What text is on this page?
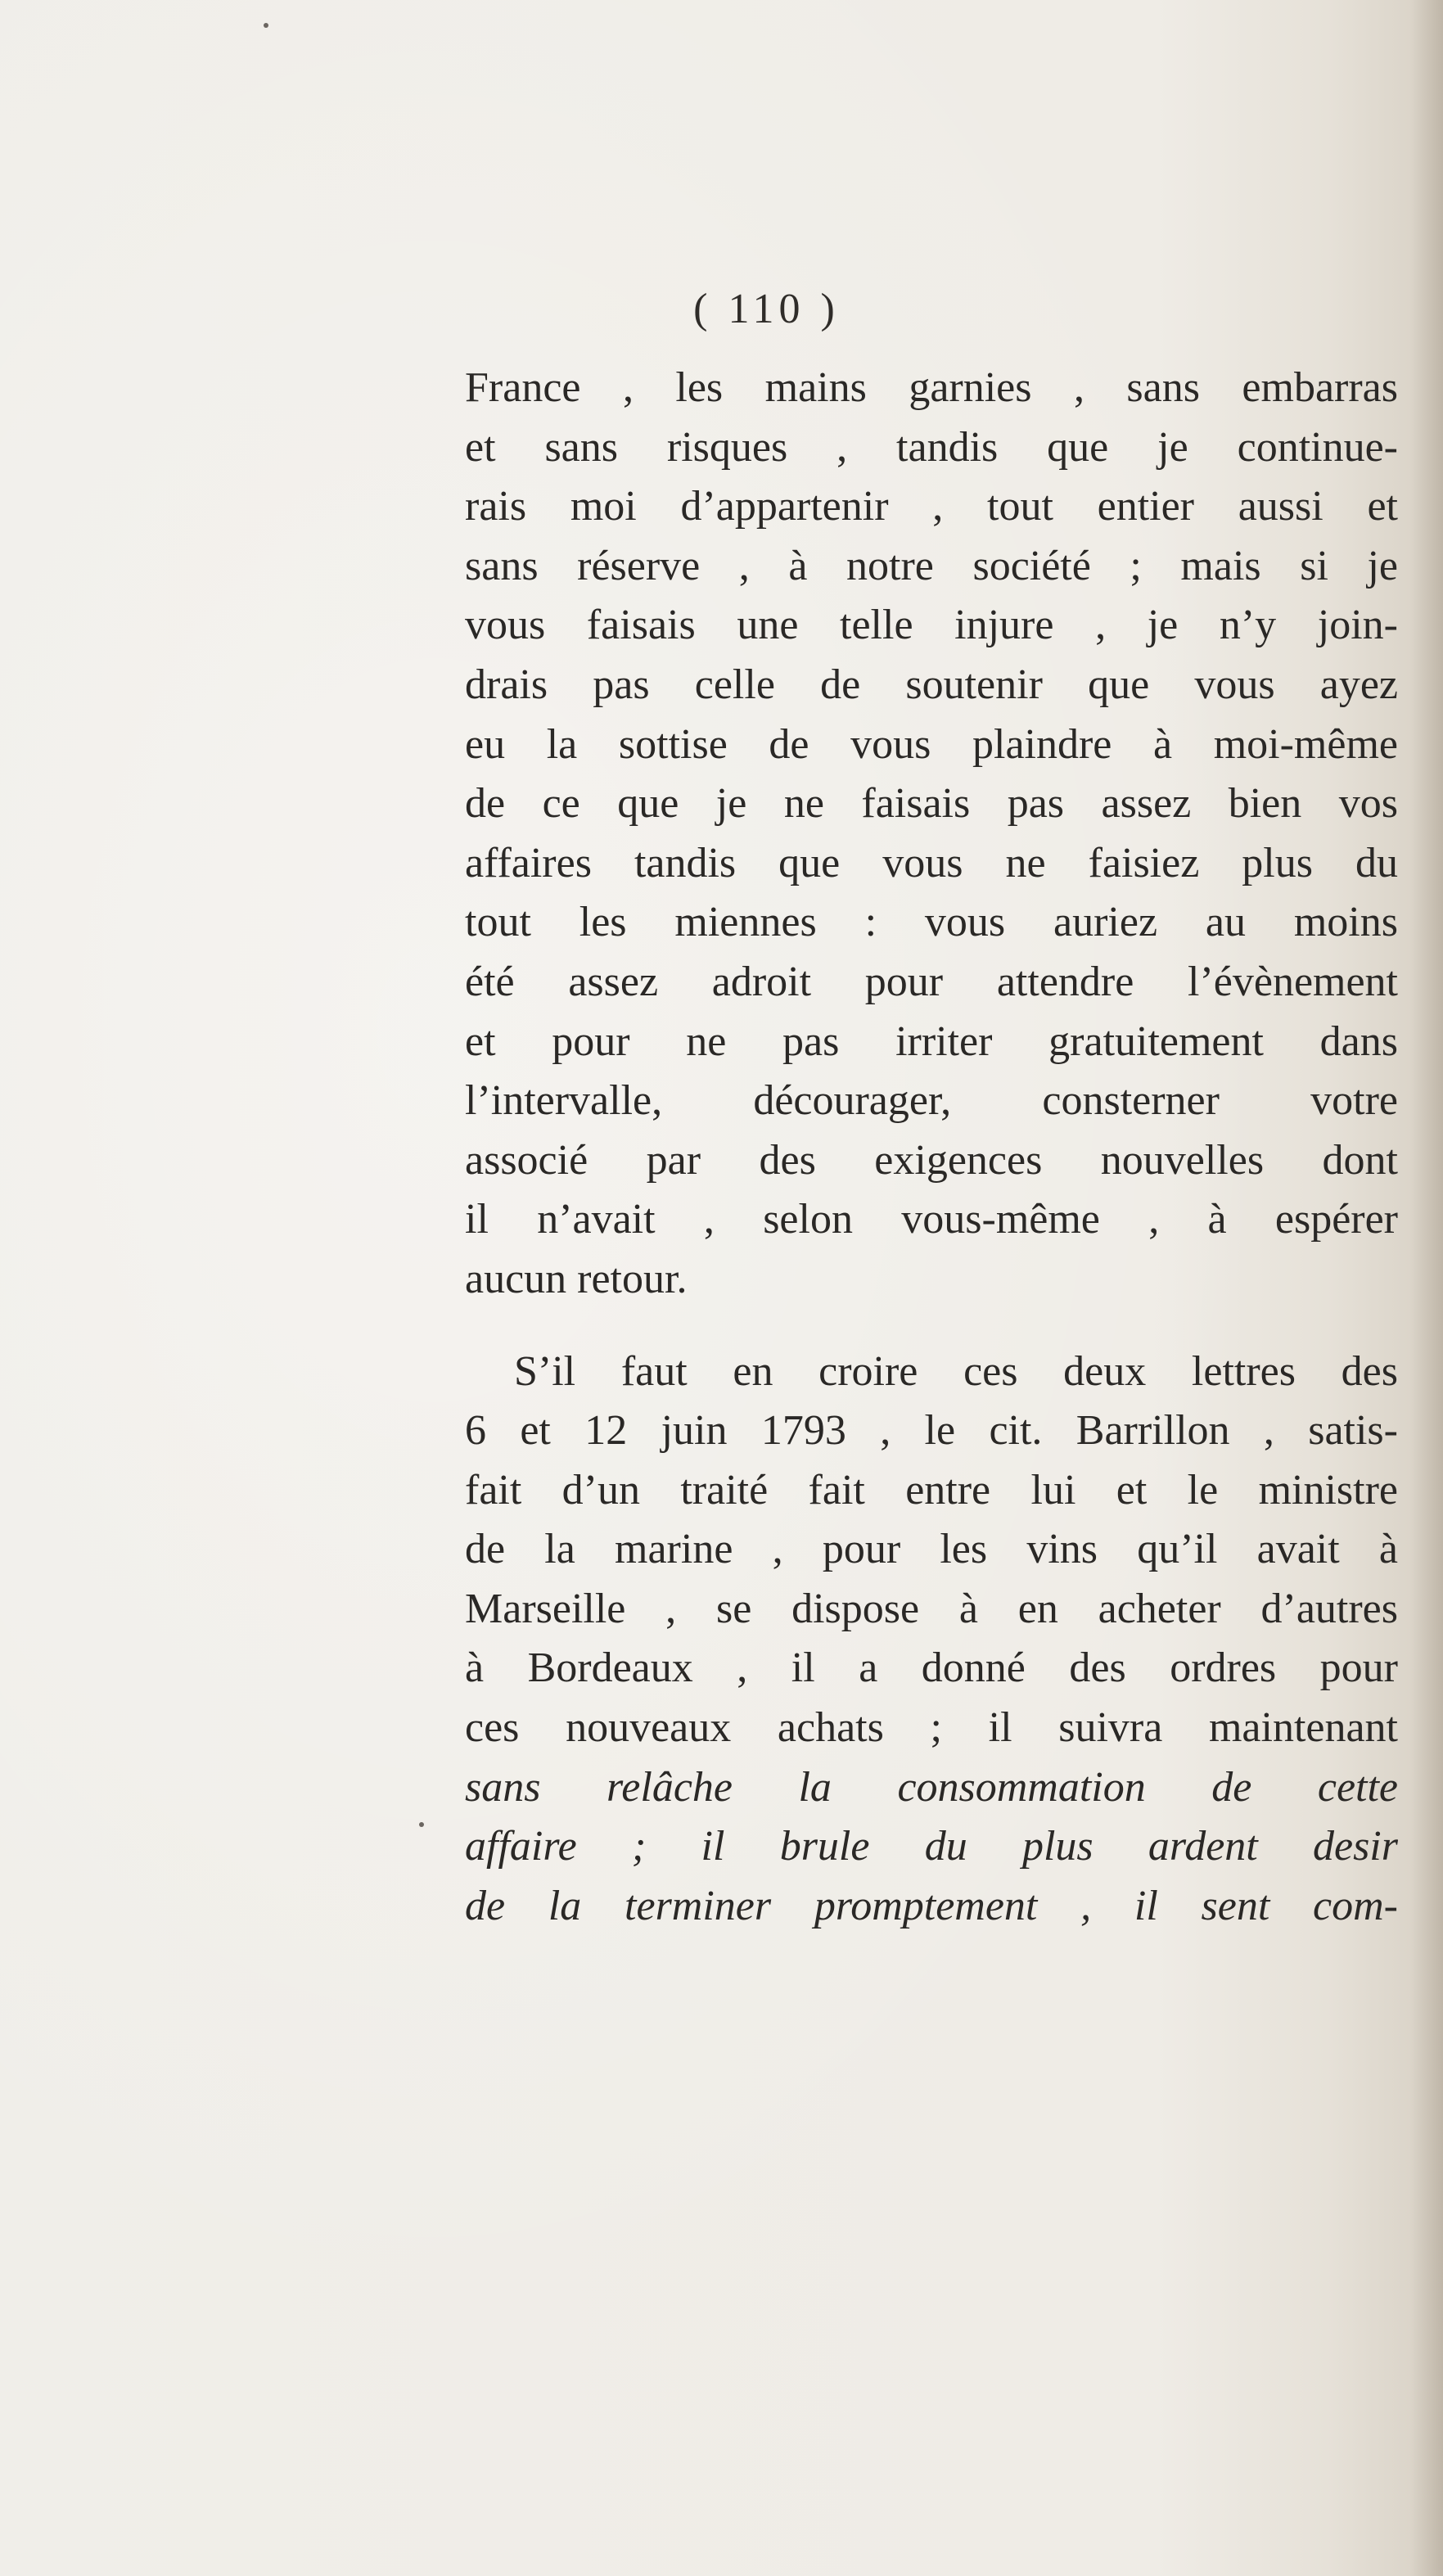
( 110 )
France , les mains garnies , sans embarras
et sans risques , tandis que je continue-
rais moi d’appartenir , tout entier aussi et
sans réserve , à notre société ; mais si je
vous faisais une telle injure , je n’y join-
drais pas celle de soutenir que vous ayez
eu la sottise de vous plaindre à moi-même
de ce que je ne faisais pas assez bien vos
affaires tandis que vous ne faisiez plus du
tout les miennes : vous auriez au moins
été assez adroit pour attendre l’évènement
et pour ne pas irriter gratuitement dans
l’intervalle, décourager, consterner votre
associé par des exigences nouvelles dont
il n’avait , selon vous-même , à espérer
aucun retour.
S’il faut en croire ces deux lettres des
6 et 12 juin 1793 , le cit. Barrillon , satis-
fait d’un traité fait entre lui et le ministre
de la marine , pour les vins qu’il avait à
Marseille , se dispose à en acheter d’autres
à Bordeaux , il a donné des ordres pour
ces nouveaux achats ; il suivra maintenant
sans relâche la consommation de cette
affaire ; il brule du plus ardent desir
de la terminer promptement , il sent com-
